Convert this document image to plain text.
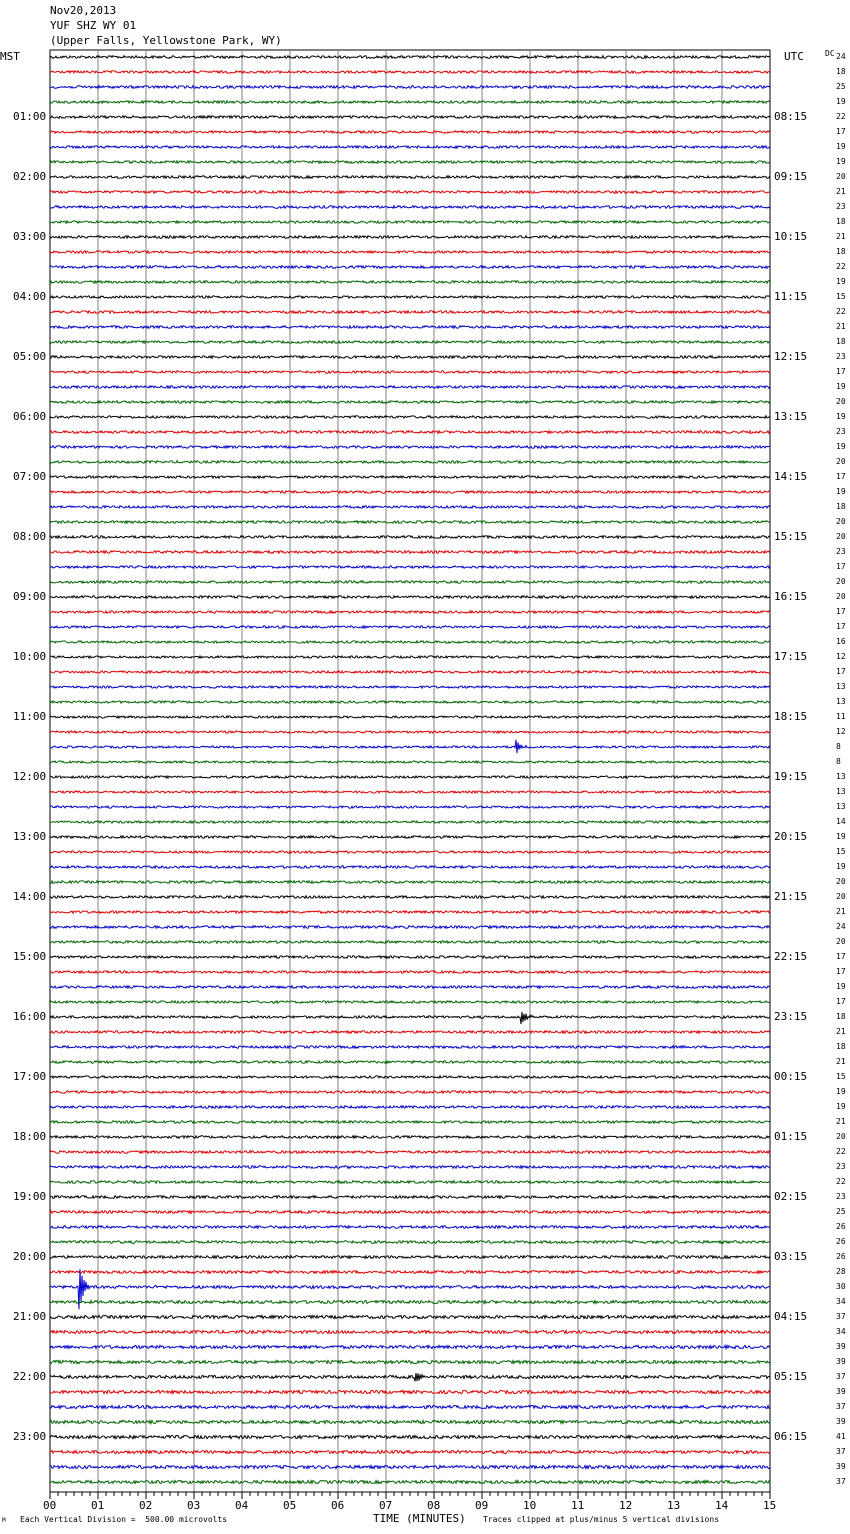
Nov20,2013
YUF SHZ WY 01
(Upper Falls, Yellowstone Park, WY)
MST	UTC	DC 24
18
25
19
22
17
19
19
20
21
23
18
21
18
22
19
15
22
21
18
23
17
19
20
19
23
19
20
17
19
18
20
20
23
17
20
20
17
17
16
12
17
13
13
11
12
8
8
13
13
13
14
19
15
19
20
20
21
24
20
17
17
19
17
18
21
18
21
15
19
19
21
20
22
23
22
23
25
26
26
26
28
30
34
37
34
39
39
37
39
37
39
41
37
39
37
01:00	08:15
02:00	09:15
03:00	10:15
04:00	11:15
05:00	12:15
06:00	13:15
07:00	14:15
08:00	15:15
09:00	16:15
10:00	17:15
11:00	18:15
12:00	19:15
13:00	20:15
14:00	21:15
15:00	22:15
16:00	23:15
17:00	00:15
18:00	01:15
19:00	02:15
20:00	03:15
21:00	04:15
22:00	05:15
23:00	06:15
00	01	02	03	04	05	06	07	08	09	10	11	12	13	14	15
M Each Vertical Division =  500.00 microvolts	TIME (MINUTES) Traces clipped at plus/minus 5 vertical divisions
